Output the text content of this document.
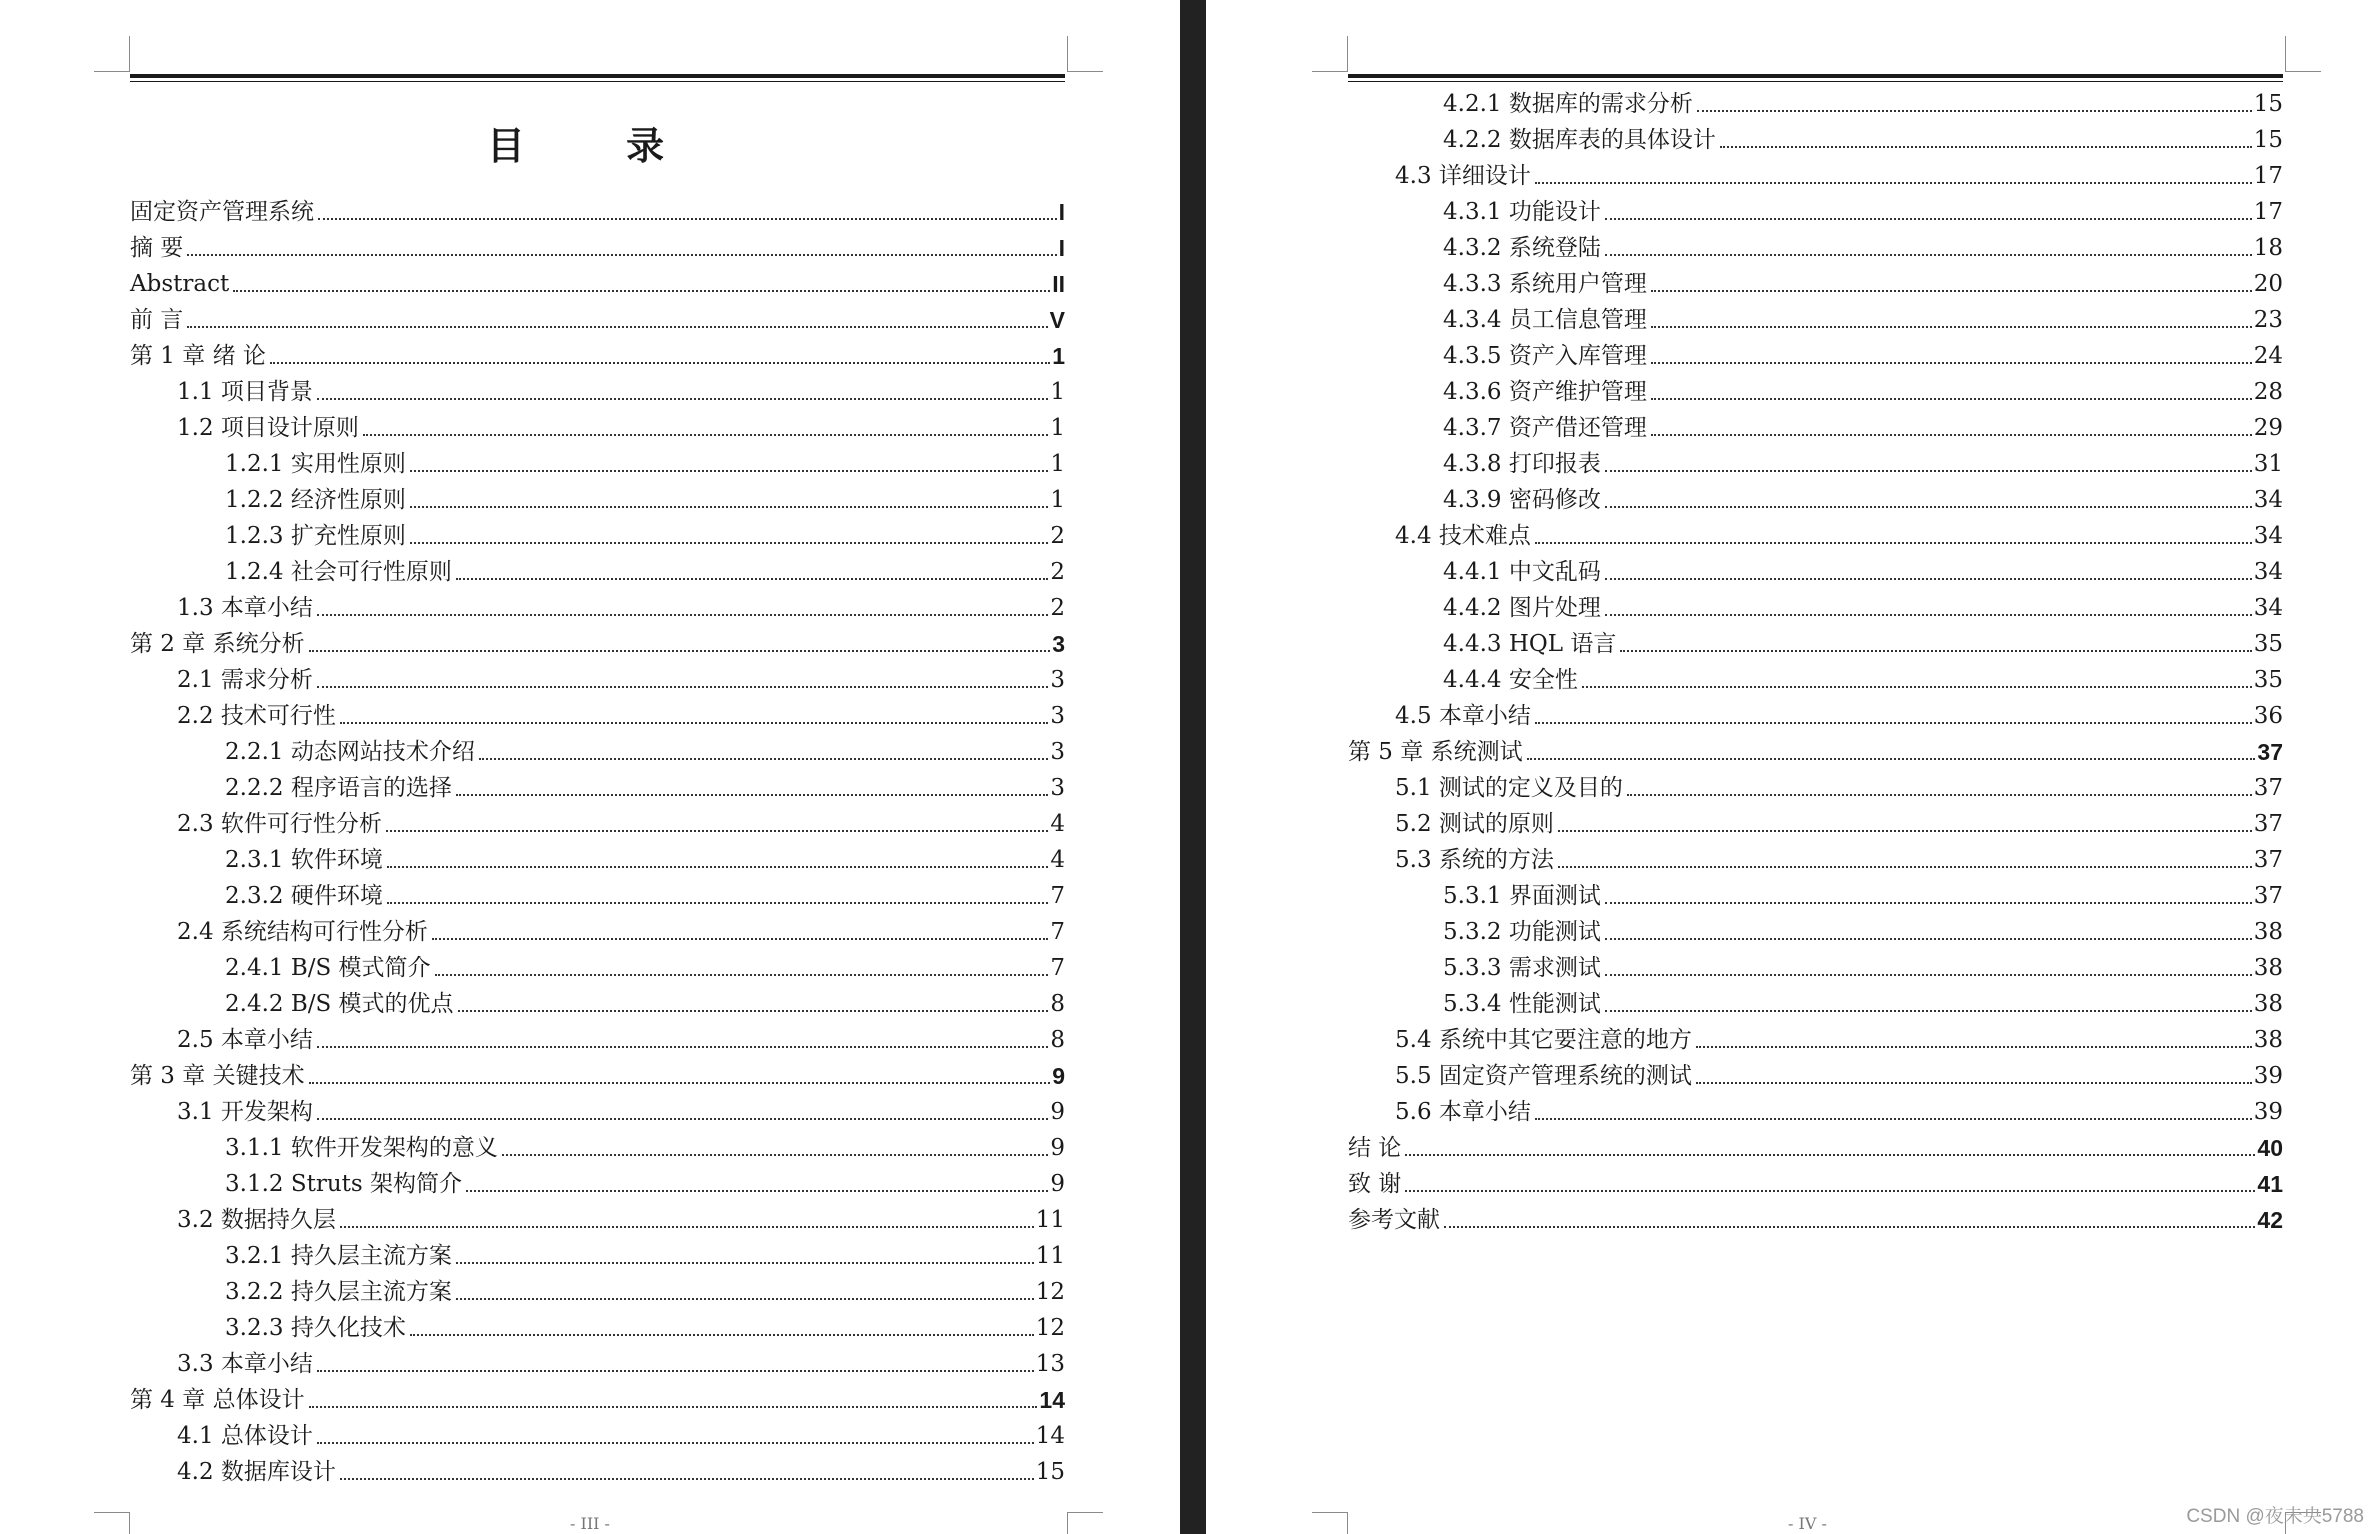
目 录
固定资产管理系统	I
摘 要	I
Abstract	II
前 言	V
第 1 章 绪 论	1
1.1 项目背景	1
1.2 项目设计原则	1
1.2.1 实用性原则	1
1.2.2 经济性原则	1
1.2.3 扩充性原则	2
1.2.4 社会可行性原则	2
1.3 本章小结	2
第 2 章 系统分析	3
2.1 需求分析	3
2.2 技术可行性	3
2.2.1 动态网站技术介绍	3
2.2.2 程序语言的选择	3
2.3 软件可行性分析	4
2.3.1 软件环境	4
2.3.2 硬件环境	7
2.4 系统结构可行性分析	7
2.4.1 B/S 模式简介	7
2.4.2 B/S 模式的优点	8
2.5 本章小结	8
第 3 章 关键技术	9
3.1 开发架构	9
3.1.1 软件开发架构的意义	9
3.1.2 Struts 架构简介	9
3.2 数据持久层	11
3.2.1 持久层主流方案	11
3.2.2 持久层主流方案	12
3.2.3 持久化技术	12
3.3 本章小结	13
第 4 章 总体设计	14
4.1 总体设计	14
4.2 数据库设计	15
- III -
4.2.1 数据库的需求分析	15
4.2.2 数据库表的具体设计	15
4.3 详细设计	17
4.3.1 功能设计	17
4.3.2 系统登陆	18
4.3.3 系统用户管理	20
4.3.4 员工信息管理	23
4.3.5 资产入库管理	24
4.3.6 资产维护管理	28
4.3.7 资产借还管理	29
4.3.8 打印报表	31
4.3.9 密码修改	34
4.4 技术难点	34
4.4.1 中文乱码	34
4.4.2 图片处理	34
4.4.3 HQL 语言	35
4.4.4 安全性	35
4.5 本章小结	36
第 5 章 系统测试	37
5.1 测试的定义及目的	37
5.2 测试的原则	37
5.3 系统的方法	37
5.3.1 界面测试	37
5.3.2 功能测试	38
5.3.3 需求测试	38
5.3.4 性能测试	38
5.4 系统中其它要注意的地方	38
5.5 固定资产管理系统的测试	39
5.6 本章小结	39
结 论	40
致 谢	41
参考文献	42
- IV -	CSDN @夜未央5788
